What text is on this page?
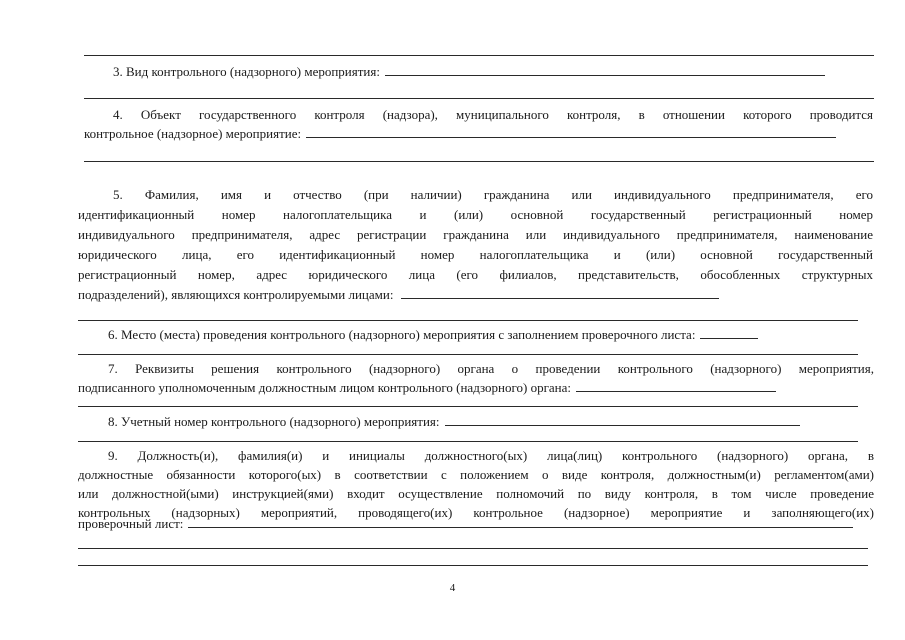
3. Вид контрольного (надзорного) мероприятия:
4. Объект государственного контроля (надзора), муниципального контроля, в отношении которого проводится
контрольное (надзорное) мероприятие:
5. Фамилия, имя и отчество (при наличии) гражданина или индивидуального предпринимателя, его
идентификационный номер налогоплательщика и (или) основной государственный регистрационный номер
индивидуального предпринимателя, адрес регистрации гражданина или индивидуального предпринимателя, наименование
юридического лица, его идентификационный номер налогоплательщика и (или) основной государственный
регистрационный номер, адрес юридического лица (его филиалов, представительств, обособленных структурных
подразделений), являющихся контролируемыми лицами:
6. Место (места) проведения контрольного (надзорного) мероприятия с заполнением проверочного листа:
7. Реквизиты решения контрольного (надзорного) органа о проведении контрольного (надзорного) мероприятия,
подписанного уполномоченным должностным лицом контрольного (надзорного) органа:
8. Учетный номер контрольного (надзорного) мероприятия:
9. Должность(и), фамилия(и) и инициалы должностного(ых) лица(лиц) контрольного (надзорного) органа, в
должностные обязанности которого(ых) в соответствии с положением о виде контроля, должностным(и) регламентом(ами)
или должностной(ыми) инструкцией(ями) входит осуществление полномочий по виду контроля, в том числе проведение
контрольных (надзорных) мероприятий, проводящего(их) контрольное (надзорное) мероприятие и заполняющего(их)
проверочный лист:
4
